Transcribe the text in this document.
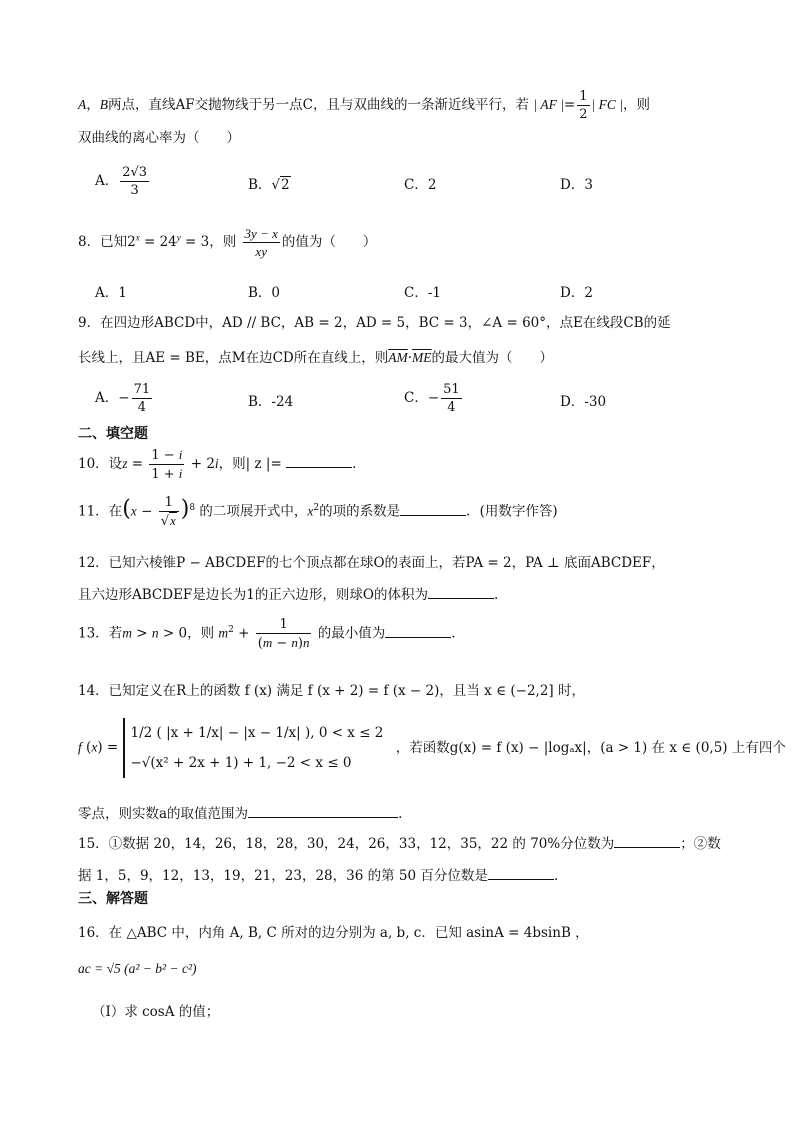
A，B两点，直线AF交抛物线于另一点C，且与双曲线的一条渐近线平行，若 | AF |= $\frac{1}{2}$ | FC |，则
双曲线的离心率为（　　）
A． $\frac{2√3}{3}$	B．√2	C．2	D．3
8．已知$2^x = 24^y = 3$，则 $\frac{3y - x}{xy}$ 的值为（　　）
A．1	B．0	C．-1	D．2
9．在四边形ABCD中，AD // BC，AB = 2，AD = 5，BC = 3，∠A = 60°，点E在线段CB的延
长线上，且AE = BE，点M在边CD所在直线上，则$\overline{AM}\cdot\overline{ME}$的最大值为（　　）
A．− $\frac{71}{4}$	B．-24	C．− $\frac{51}{4}$	D．-30
二、填空题
10．设$z = \frac{1 - i}{1 + i} + 2i$，则| z |=	.
11．在$(x - \frac{1}{√x} )^8$ 的二项展开式中，$x^2$的项的系数是	．(用数字作答)
12．已知六棱锥P − ABCDEF的七个顶点都在球O的表面上，若PA = 2，PA ⊥ 底面ABCDEF，
且六边形ABCDEF是边长为1的正六边形，则球O的体积为	.
13．若m > n > 0，则 $m^2 + \frac{1}{(m - n)n}$ 的最小值为	.
14．已知定义在R上的函数 f (x) 满足 f (x + 2) = f (x − 2)，且当 x ∈ (−2,2] 时，
f (x) =
1/2 ( |x + 1/x| − |x − 1/x| ), 0 < x ≤ 2
−√(x² + 2x + 1) + 1, −2 < x ≤ 0
，若函数g(x) = f (x) − |logₐx|，(a > 1) 在 x ∈ (0,5) 上有四个
零点，则实数a的取值范围为	.
15．①数据 20，14，26，18，28，30，24，26，33，12，35，22 的 70%分位数为	；②数
据 1，5，9，12，13，19，21，23，28，36 的第 50 百分位数是	.
三、解答题
16．在 △ABC 中，内角 A, B, C 所对的边分别为 a, b, c．已知 asinA = 4bsinB ，
ac = √5 (a² − b² − c²)
（I）求 cosA 的值；
